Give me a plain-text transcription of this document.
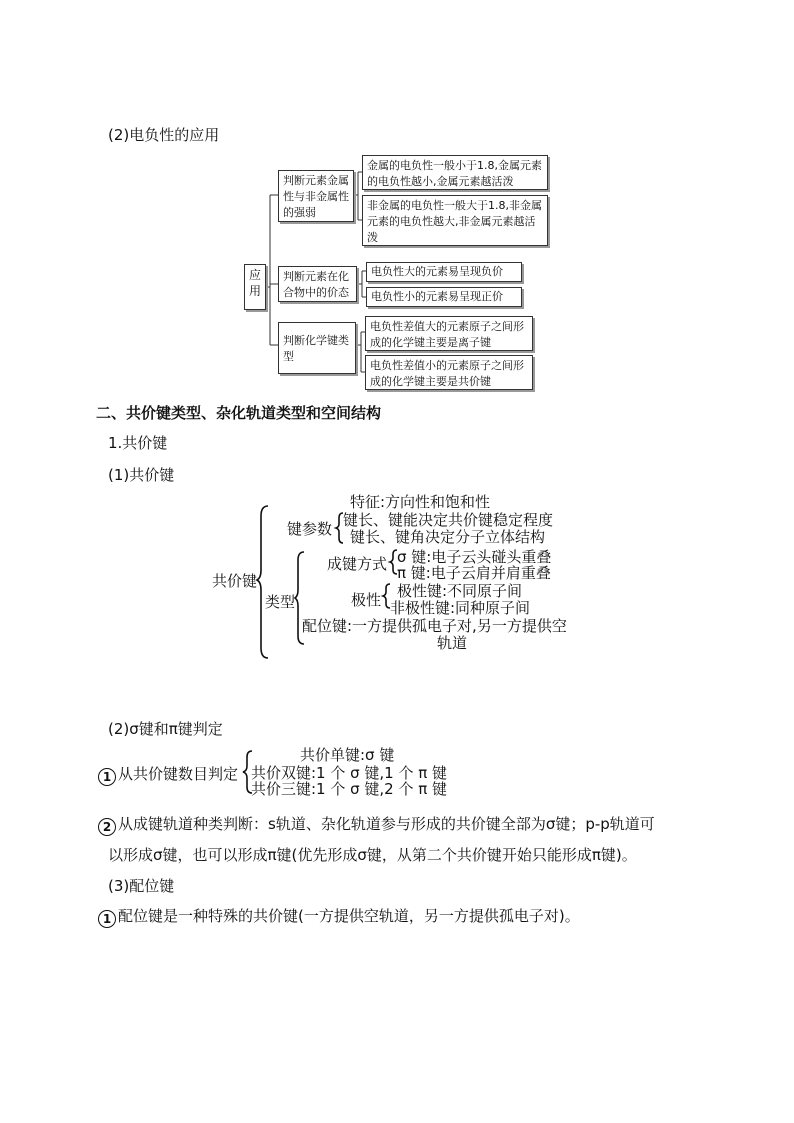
(2)电负性的应用
应用
判断元素金属性与非金属性的强弱
金属的电负性一般小于1.8,金属元素的电负性越小,金属元素越活泼
非金属的电负性一般大于1.8,非金属元素的电负性越大,非金属元素越活泼
判断元素在化合物中的价态
电负性大的元素易呈现负价
电负性小的元素易呈现正价
判断化学键类型
电负性差值大的元素原子之间形成的化学键主要是离子键
电负性差值小的元素原子之间形成的化学键主要是共价键
二、共价键类型、杂化轨道类型和空间结构
1.共价键
(1)共价键
共价键
键参数
特征:方向性和饱和性
键长、键能决定共价键稳定程度
键长、键角决定分子立体结构
类型
成键方式 σ 键:电子云头碰头重叠
π 键:电子云肩并肩重叠
极性 极性键:不同原子间
非极性键:同种原子间
配位键:一方提供孤电子对,另一方提供空
轨道
(2)σ键和π键判定
1 从共价键数目判定
共价单键:σ 键
共价双键:1 个 σ 键,1 个 π 键
共价三键:1 个 σ 键,2 个 π 键
2 从成键轨道种类判断：s轨道、杂化轨道参与形成的共价键全部为σ键；p-p轨道可
以形成σ键，也可以形成π键(优先形成σ键，从第二个共价键开始只能形成π键)。
(3)配位键
1 配位键是一种特殊的共价键(一方提供空轨道，另一方提供孤电子对)。
